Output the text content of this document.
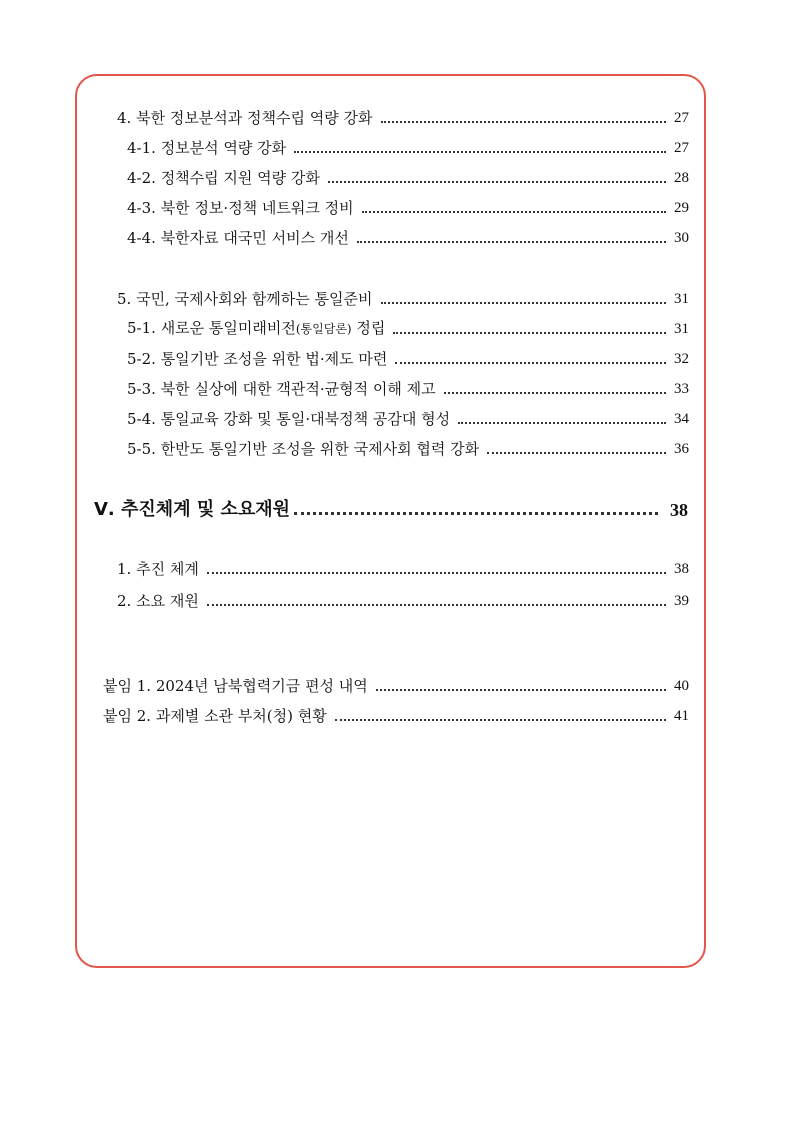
4. 북한 정보분석과 정책수립 역량 강화	27
4-1. 정보분석 역량 강화	27
4-2. 정책수립 지원 역량 강화	28
4-3. 북한 정보·정책 네트워크 정비	29
4-4. 북한자료 대국민 서비스 개선	30
5. 국민, 국제사회와 함께하는 통일준비	31
5-1. 새로운 통일미래비전(통일담론) 정립	31
5-2. 통일기반 조성을 위한 법·제도 마련	32
5-3. 북한 실상에 대한 객관적·균형적 이해 제고	33
5-4. 통일교육 강화 및 통일·대북정책 공감대 형성	34
5-5. 한반도 통일기반 조성을 위한 국제사회 협력 강화	36
Ⅴ. 추진체계 및 소요재원	38
1. 추진 체계	38
2. 소요 재원	39
붙임 1. 2024년 남북협력기금 편성 내역	40
붙임 2. 과제별 소관 부처(청) 현황	41
